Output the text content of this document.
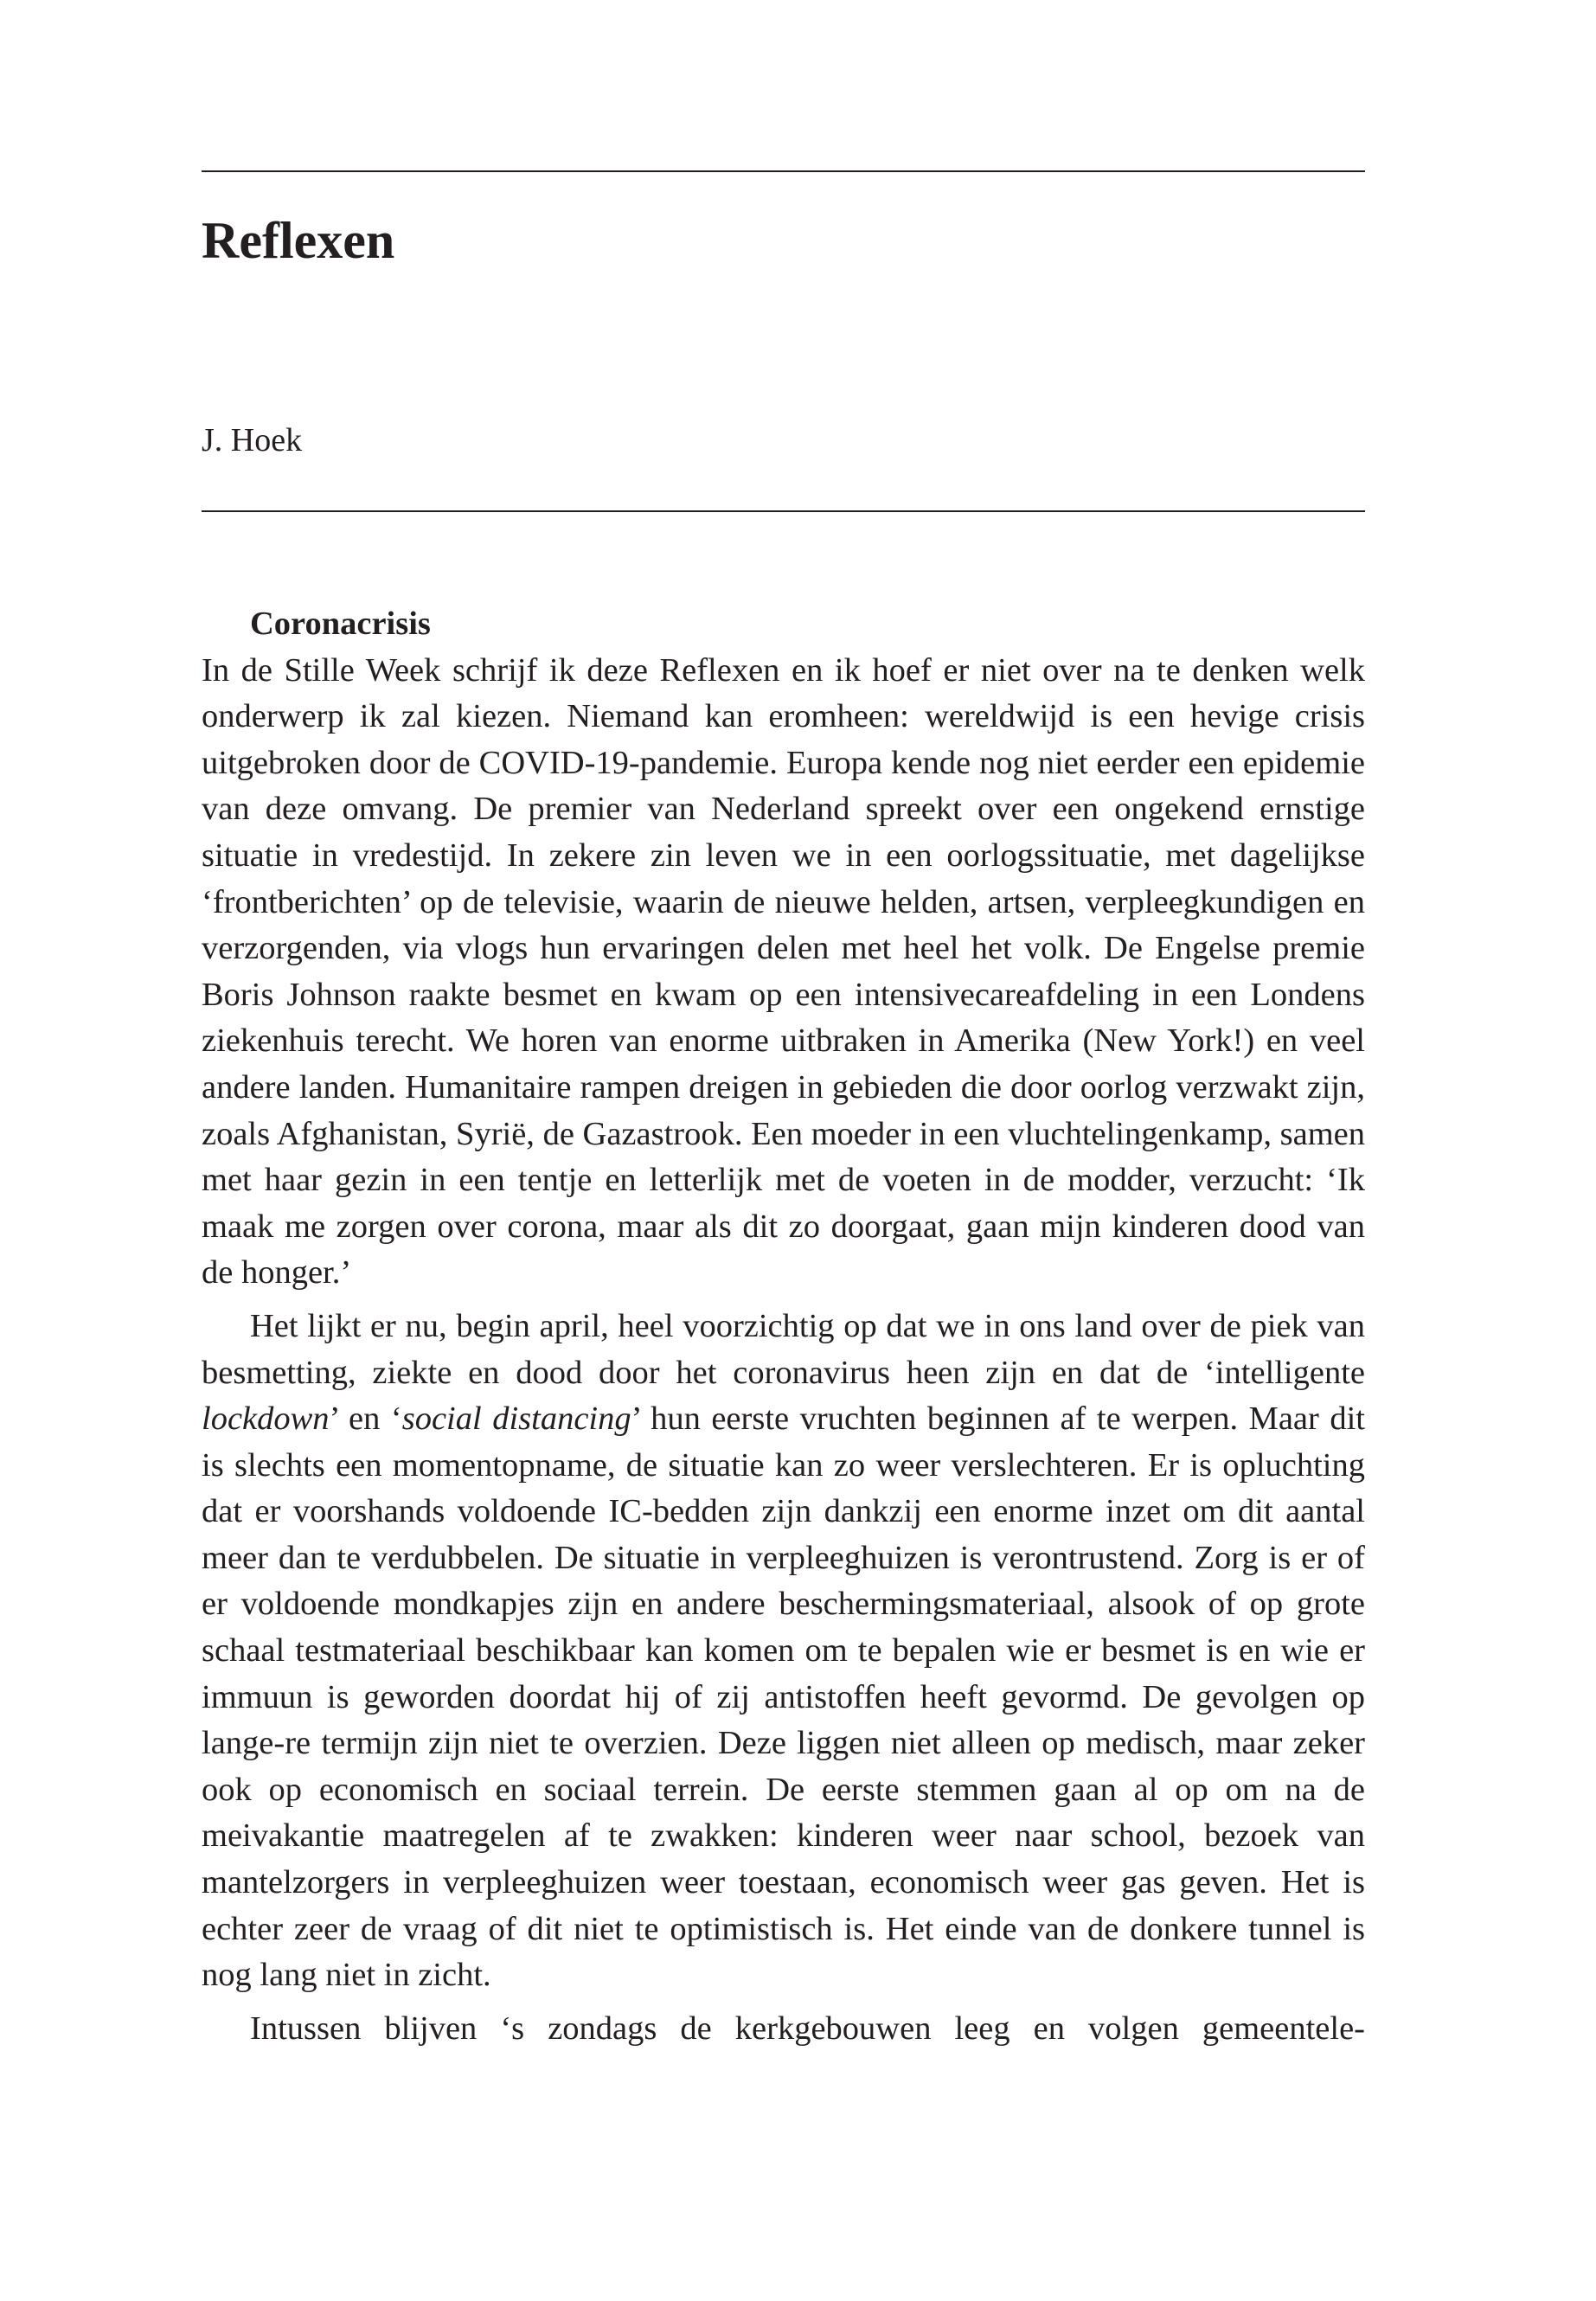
Reflexen

J. Hoek

Coronacrisis

In de Stille Week schrijf ik deze Reflexen en ik hoef er niet over na te denken welk onderwerp ik zal kiezen. Niemand kan eromheen: wereldwijd is een hevige crisis uitgebroken door de COVID-19-pandemie. Europa kende nog niet eerder een epidemie van deze omvang. De premier van Nederland spreekt over een ongekend ernstige situatie in vredestijd. In zekere zin leven we in een oorlogssituatie, met dagelijkse ‘frontberichten’ op de televisie, waarin de nieuwe helden, artsen, verpleegkundigen en verzorgenden, via vlogs hun ervaringen delen met heel het volk. De Engelse premie Boris Johnson raakte besmet en kwam op een intensivecareafdeling in een Londens ziekenhuis terecht. We horen van enorme uitbraken in Amerika (New York!) en veel andere landen. Humanitaire rampen dreigen in gebieden die door oorlog verzwakt zijn, zoals Afghanistan, Syrië, de Gazastrook. Een moeder in een vluchtelingenkamp, samen met haar gezin in een tentje en letterlijk met de voeten in de modder, verzucht: ‘Ik maak me zorgen over corona, maar als dit zo doorgaat, gaan mijn kinderen dood van de honger.’

Het lijkt er nu, begin april, heel voorzichtig op dat we in ons land over de piek van besmetting, ziekte en dood door het coronavirus heen zijn en dat de ‘intelligente lockdown’ en ‘social distancing’ hun eerste vruchten beginnen af te werpen. Maar dit is slechts een momentopname, de situatie kan zo weer verslechteren. Er is opluchting dat er voorshands voldoende IC-bedden zijn dankzij een enorme inzet om dit aantal meer dan te verdubbelen. De situatie in verpleeghuizen is verontrustend. Zorg is er of er voldoende mondkapjes zijn en andere beschermingsmateriaal, alsook of op grote schaal testmateriaal beschikbaar kan komen om te bepalen wie er besmet is en wie er immuun is geworden doordat hij of zij antistoffen heeft gevormd. De gevolgen op lange-re termijn zijn niet te overzien. Deze liggen niet alleen op medisch, maar zeker ook op economisch en sociaal terrein. De eerste stemmen gaan al op om na de meivakantie maatregelen af te zwakken: kinderen weer naar school, bezoek van mantelzorgers in verpleeghuizen weer toestaan, economisch weer gas geven. Het is echter zeer de vraag of dit niet te optimistisch is. Het einde van de donkere tunnel is nog lang niet in zicht.

Intussen blijven ‘s zondags de kerkgebouwen leeg en volgen gemeentele-
